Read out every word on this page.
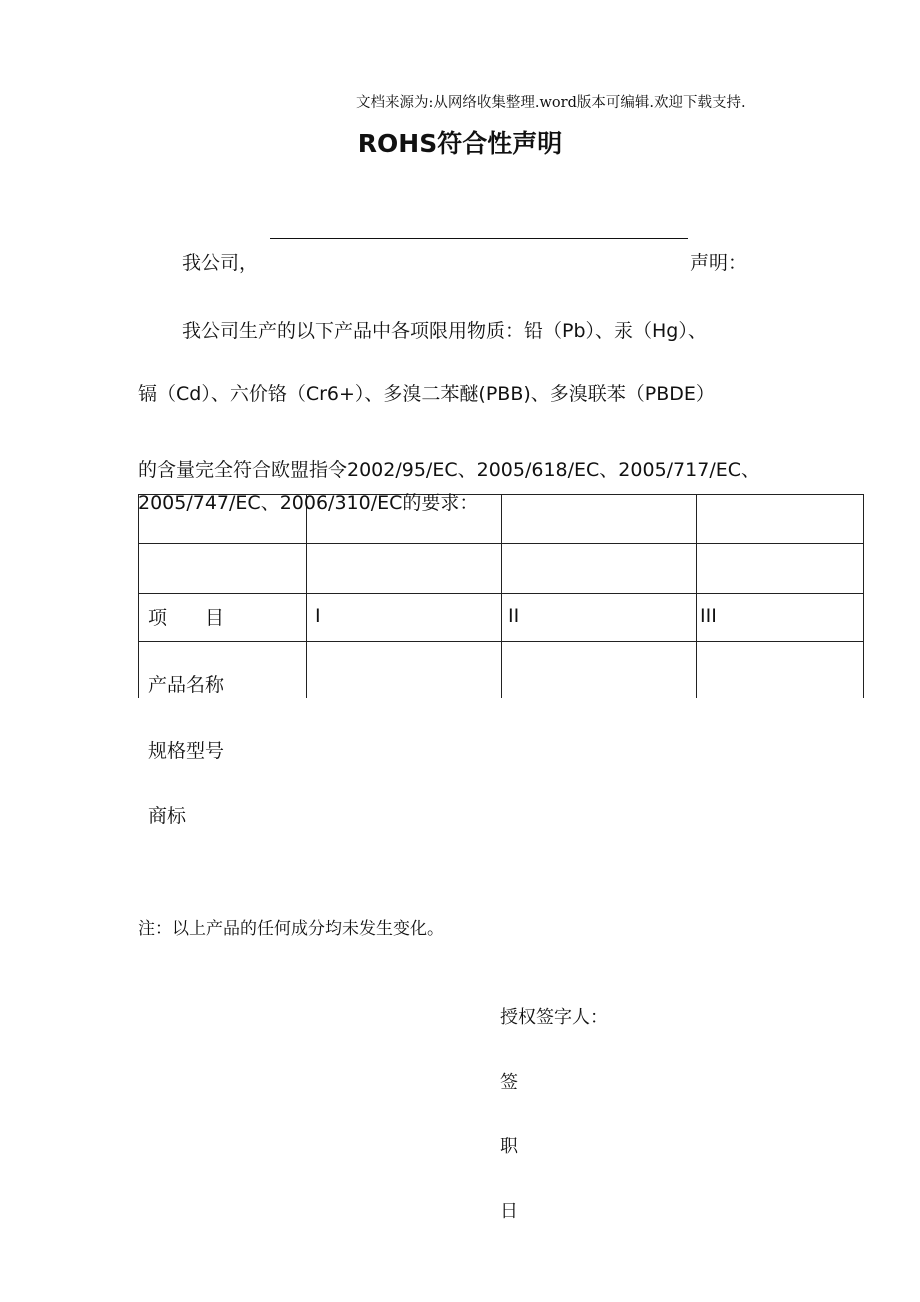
文档来源为:从网络收集整理.word版本可编辑.欢迎下载支持.
ROHS符合性声明
我公司，	声明：
我公司生产的以下产品中各项限用物质：铅（Pb）、汞（Hg）、
镉（Cd）、六价铬（Cr6+）、多溴二苯醚(PBB)、多溴联苯（PBDE）
的含量完全符合欧盟指令2002/95/EC、2005/618/EC、2005/717/EC、
项　　目	I	II	III
产品名称
2005/747/EC、2006/310/EC的要求：
规格型号
商标
注：以上产品的任何成分均未发生变化。
授权签字人：
签
职
日
